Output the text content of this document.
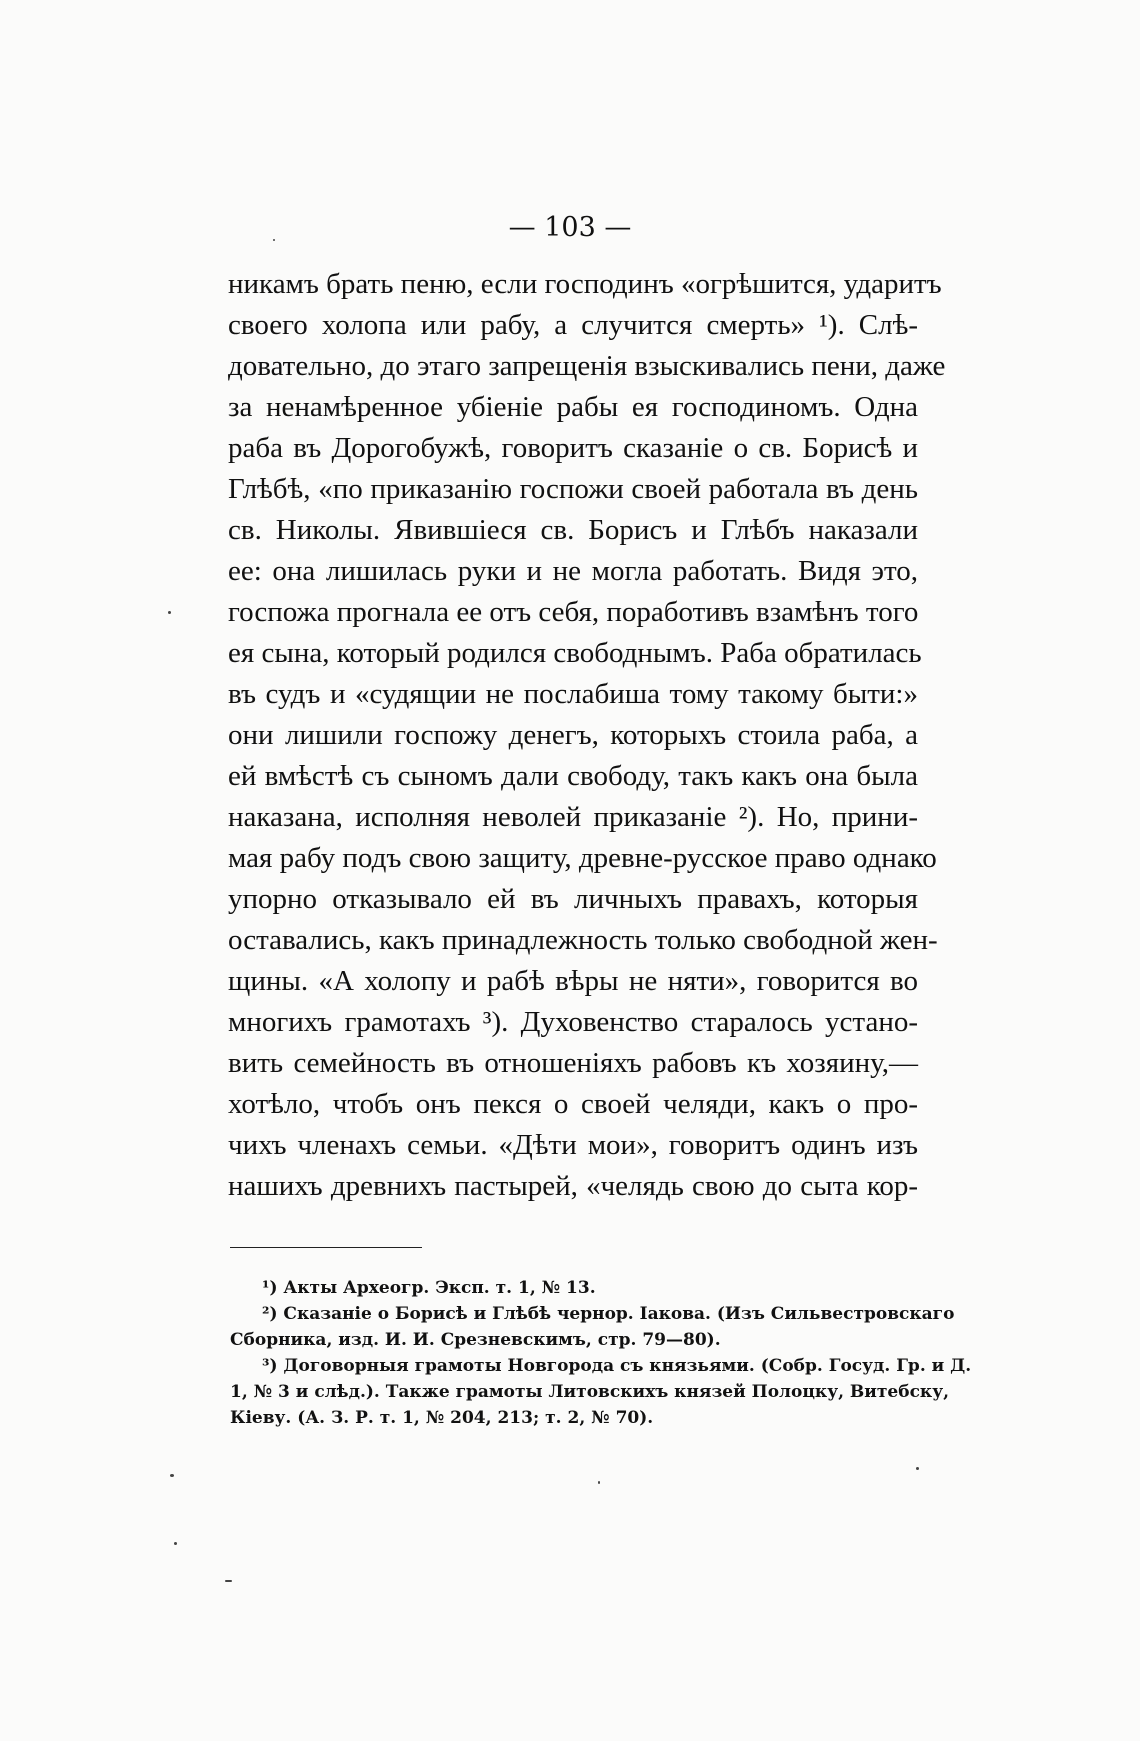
— 103 —
никамъ брать пеню, если господинъ «огрѣшится, ударитъ
своего холопа или рабу, а случится смерть» ¹). Слѣ-
довательно, до этаго запрещенія взыскивались пени, даже
за ненамѣренное убіеніе рабы ея господиномъ. Одна
раба въ Дорогобужѣ, говоритъ сказаніе о св. Борисѣ и
Глѣбѣ, «по приказанію госпожи своей работала въ день
св. Николы. Явившіеся св. Борисъ и Глѣбъ наказали
ее: она лишилась руки и не могла работать. Видя это,
госпожа прогнала ее отъ себя, поработивъ взамѣнъ того
ея сына, который родился свободнымъ. Раба обратилась
въ судъ и «судящии не послабиша тому такому быти:»
они лишили госпожу денегъ, которыхъ стоила раба, а
ей вмѣстѣ съ сыномъ дали свободу, такъ какъ она была
наказана, исполняя неволей приказаніе ²). Но, прини-
мая рабу подъ свою защиту, древне-русское право однако
упорно отказывало ей въ личныхъ правахъ, которыя
оставались, какъ принадлежность только свободной жен-
щины. «А холопу и рабѣ вѣры не няти», говорится во
многихъ грамотахъ ³). Духовенство старалось устано-
вить семейность въ отношеніяхъ рабовъ къ хозяину,—
хотѣло, чтобъ онъ пекся о своей челяди, какъ о про-
чихъ членахъ семьи. «Дѣти мои», говоритъ одинъ изъ
нашихъ древнихъ пастырей, «челядь свою до сыта кор-
¹) Акты Археогр. Эксп. т. 1, № 13.
²) Сказаніе о Борисѣ и Глѣбѣ чернор. Іакова. (Изъ Сильвестровскаго
Сборника, изд. И. И. Срезневскимъ, стр. 79—80).
³) Договорныя грамоты Новгорода съ князьями. (Собр. Госуд. Гр. и Д.
1, № 3 и слѣд.). Также грамоты Литовскихъ князей Полоцку, Витебску,
Кіеву. (А. З. Р. т. 1, № 204, 213; т. 2, № 70).
